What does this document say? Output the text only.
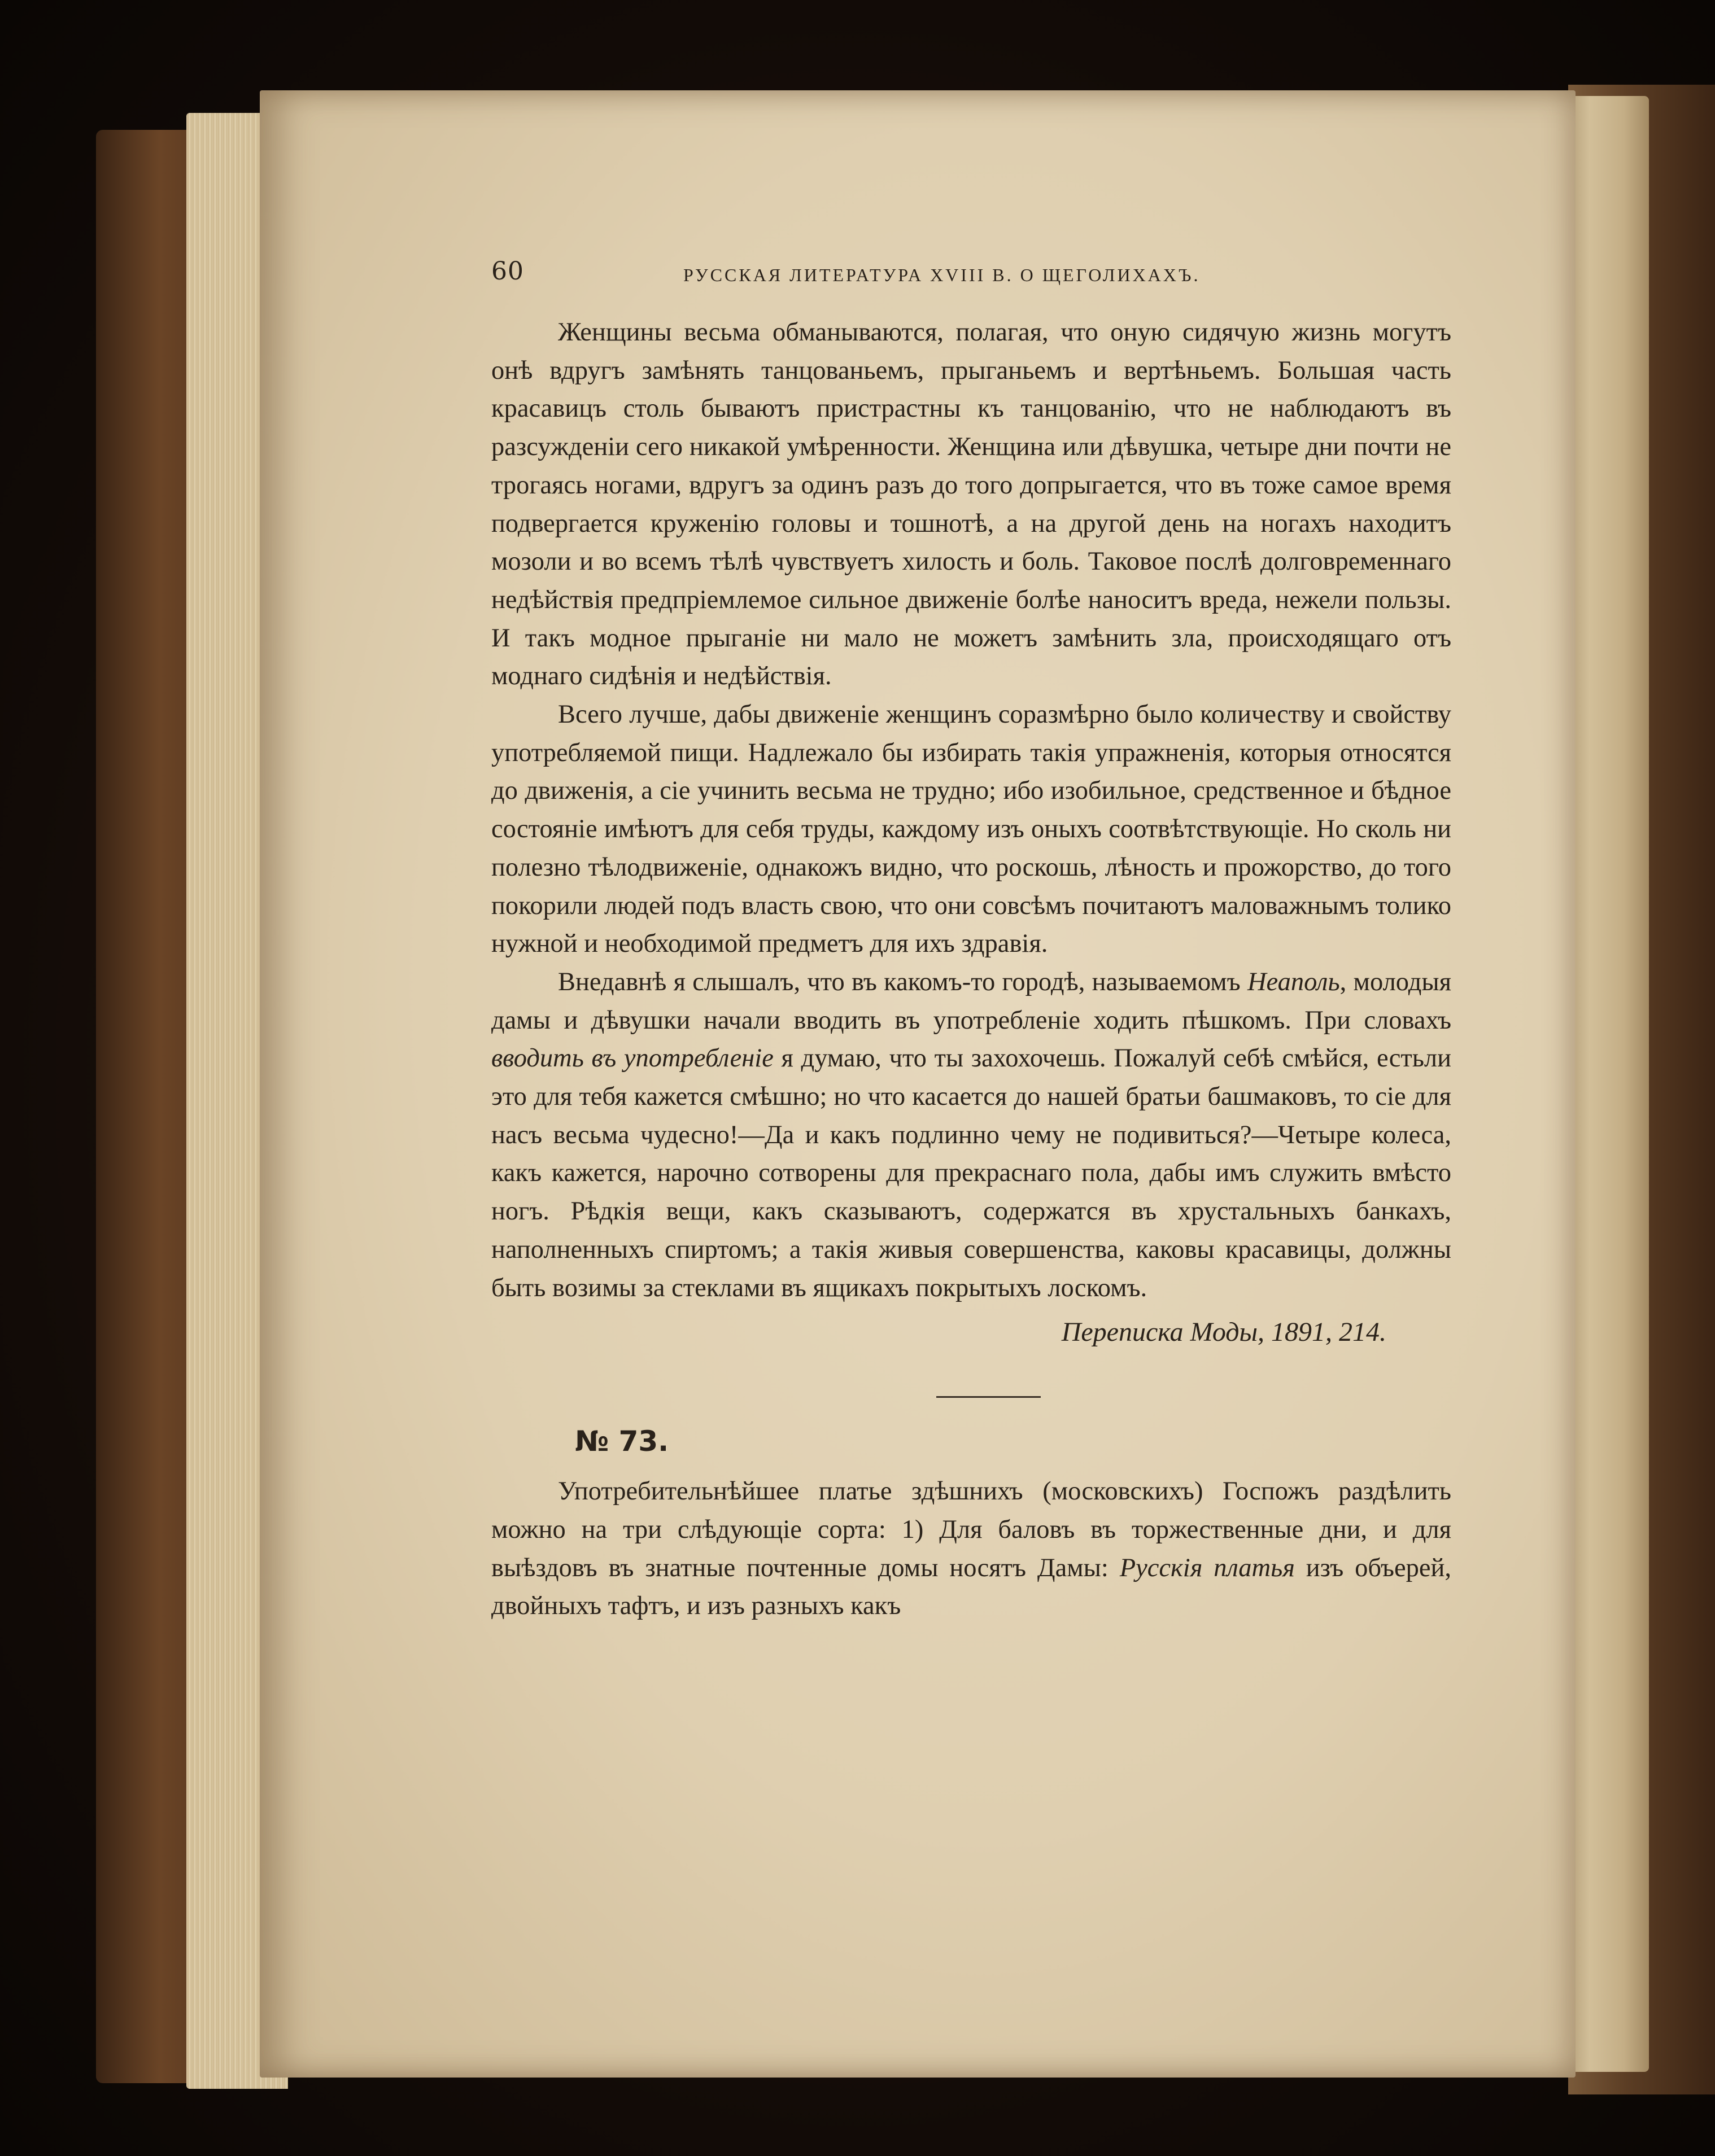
60	РУССКАЯ ЛИТЕРАТУРА XVIII В. О ЩЕГОЛИХАХЪ.

Женщины весьма обманываются, полагая, что оную сидячую жизнь могутъ онѣ вдругъ замѣнять танцованьемъ, прыганьемъ и вертѣньемъ. Большая часть красавицъ столь бываютъ пристрастны къ танцованію, что не наблюдаютъ въ разсужденіи сего никакой умѣренности. Женщина или дѣвушка, четыре дни почти не трогаясь ногами, вдругъ за одинъ разъ до того допрыгается, что въ тоже самое время подвергается круженію головы и тошнотѣ, а на другой день на ногахъ находитъ мозоли и во всемъ тѣлѣ чувствуетъ хилость и боль. Таковое послѣ долговременнаго недѣйствія предпріемлемое сильное движеніе болѣе наноситъ вреда, нежели пользы. И такъ модное прыганіе ни мало не можетъ замѣнить зла, происходящаго отъ моднаго сидѣнія и недѣйствія.

Всего лучше, дабы движеніе женщинъ соразмѣрно было количеству и свойству употребляемой пищи. Надлежало бы избирать такія упражненія, которыя относятся до движенія, а сіе учинить весьма не трудно; ибо изобильное, средственное и бѣдное состояніе имѣютъ для себя труды, каждому изъ оныхъ соотвѣтствующіе. Но сколь ни полезно тѣлодвиженіе, однакожъ видно, что роскошь, лѣность и прожорство, до того покорили людей подъ власть свою, что они совсѣмъ почитаютъ маловажнымъ толико нужной и необходимой предметъ для ихъ здравія.

Внедавнѣ я слышалъ, что въ какомъ-то городѣ, называемомъ Неаполь, молодыя дамы и дѣвушки начали вводить въ употребленіе ходить пѣшкомъ. При словахъ вводить въ употребленіе я думаю, что ты захохочешь. Пожалуй себѣ смѣйся, естьли это для тебя кажется смѣшно; но что касается до нашей братьи башмаковъ, то сіе для насъ весьма чудесно!—Да и какъ подлинно чему не подивиться?—Четыре колеса, какъ кажется, нарочно сотворены для прекраснаго пола, дабы имъ служить вмѣсто ногъ. Рѣдкія вещи, какъ сказываютъ, содержатся въ хрустальныхъ банкахъ, наполненныхъ спиртомъ; а такія живыя совершенства, каковы красавицы, должны быть возимы за стеклами въ ящикахъ покрытыхъ лоскомъ.

Переписка Моды, 1891, 214.
№ 73.

Употребительнѣйшее платье здѣшнихъ (московскихъ) Госпожъ раздѣлить можно на три слѣдующіе сорта: 1) Для баловъ въ торжественные дни, и для выѣздовъ въ знатные почтенные домы носятъ Дамы: Русскія платья изъ объерей, двойныхъ тафтъ, и изъ разныхъ какъ
